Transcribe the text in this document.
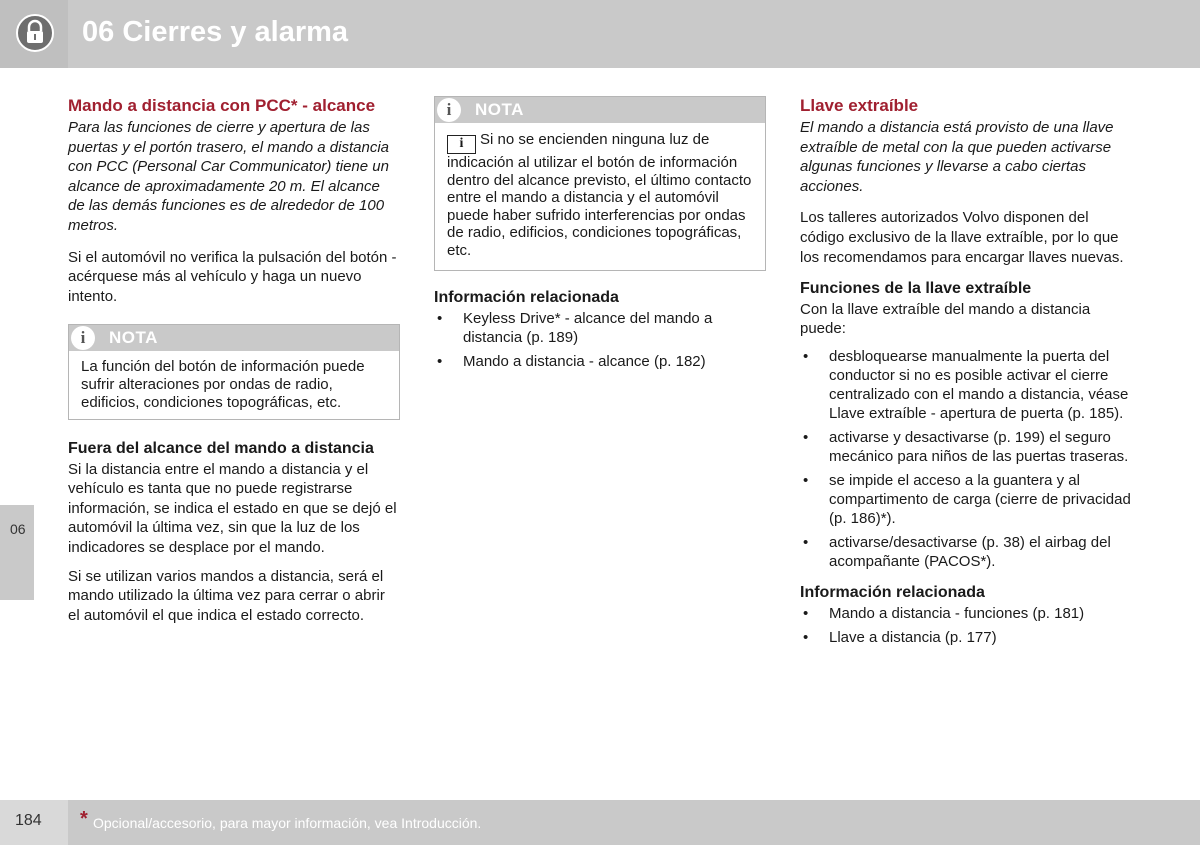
06 Cierres y alarma
06
Mando a distancia con PCC* - alcance
Para las funciones de cierre y apertura de las puertas y el portón trasero, el mando a distancia con PCC (Personal Car Communicator) tiene un alcance de aproximadamente 20 m. El alcance de las demás funciones es de alrededor de 100 metros.
Si el automóvil no verifica la pulsación del botón - acérquese más al vehículo y haga un nuevo intento.
i	NOTA
La función del botón de información puede sufrir alteraciones por ondas de radio, edificios, condiciones topográficas, etc.
Fuera del alcance del mando a distancia
Si la distancia entre el mando a distancia y el vehículo es tanta que no puede registrarse información, se indica el estado en que se dejó el automóvil la última vez, sin que la luz de los indicadores se desplace por el mando.
Si se utilizan varios mandos a distancia, será el mando utilizado la última vez para cerrar o abrir el automóvil el que indica el estado correcto.
i	NOTA
i Si no se encienden ninguna luz de indicación al utilizar el botón de información dentro del alcance previsto, el último contacto entre el mando a distancia y el automóvil puede haber sufrido interferencias por ondas de radio, edificios, condiciones topográficas, etc.
Información relacionada
• Keyless Drive* - alcance del mando a distancia (p. 189)
• Mando a distancia - alcance (p. 182)
Llave extraíble
El mando a distancia está provisto de una llave extraíble de metal con la que pueden activarse algunas funciones y llevarse a cabo ciertas acciones.
Los talleres autorizados Volvo disponen del código exclusivo de la llave extraíble, por lo que los recomendamos para encargar llaves nuevas.
Funciones de la llave extraíble
Con la llave extraíble del mando a distancia puede:
• desbloquearse manualmente la puerta del conductor si no es posible activar el cierre centralizado con el mando a distancia, véase Llave extraíble - apertura de puerta (p. 185).
• activarse y desactivarse (p. 199) el seguro mecánico para niños de las puertas traseras.
• se impide el acceso a la guantera y al compartimento de carga (cierre de privacidad (p. 186)*).
• activarse/desactivarse (p. 38) el airbag del acompañante (PACOS*).
Información relacionada
• Mando a distancia - funciones (p. 181)
• Llave a distancia (p. 177)
184 * Opcional/accesorio, para mayor información, vea Introducción.
